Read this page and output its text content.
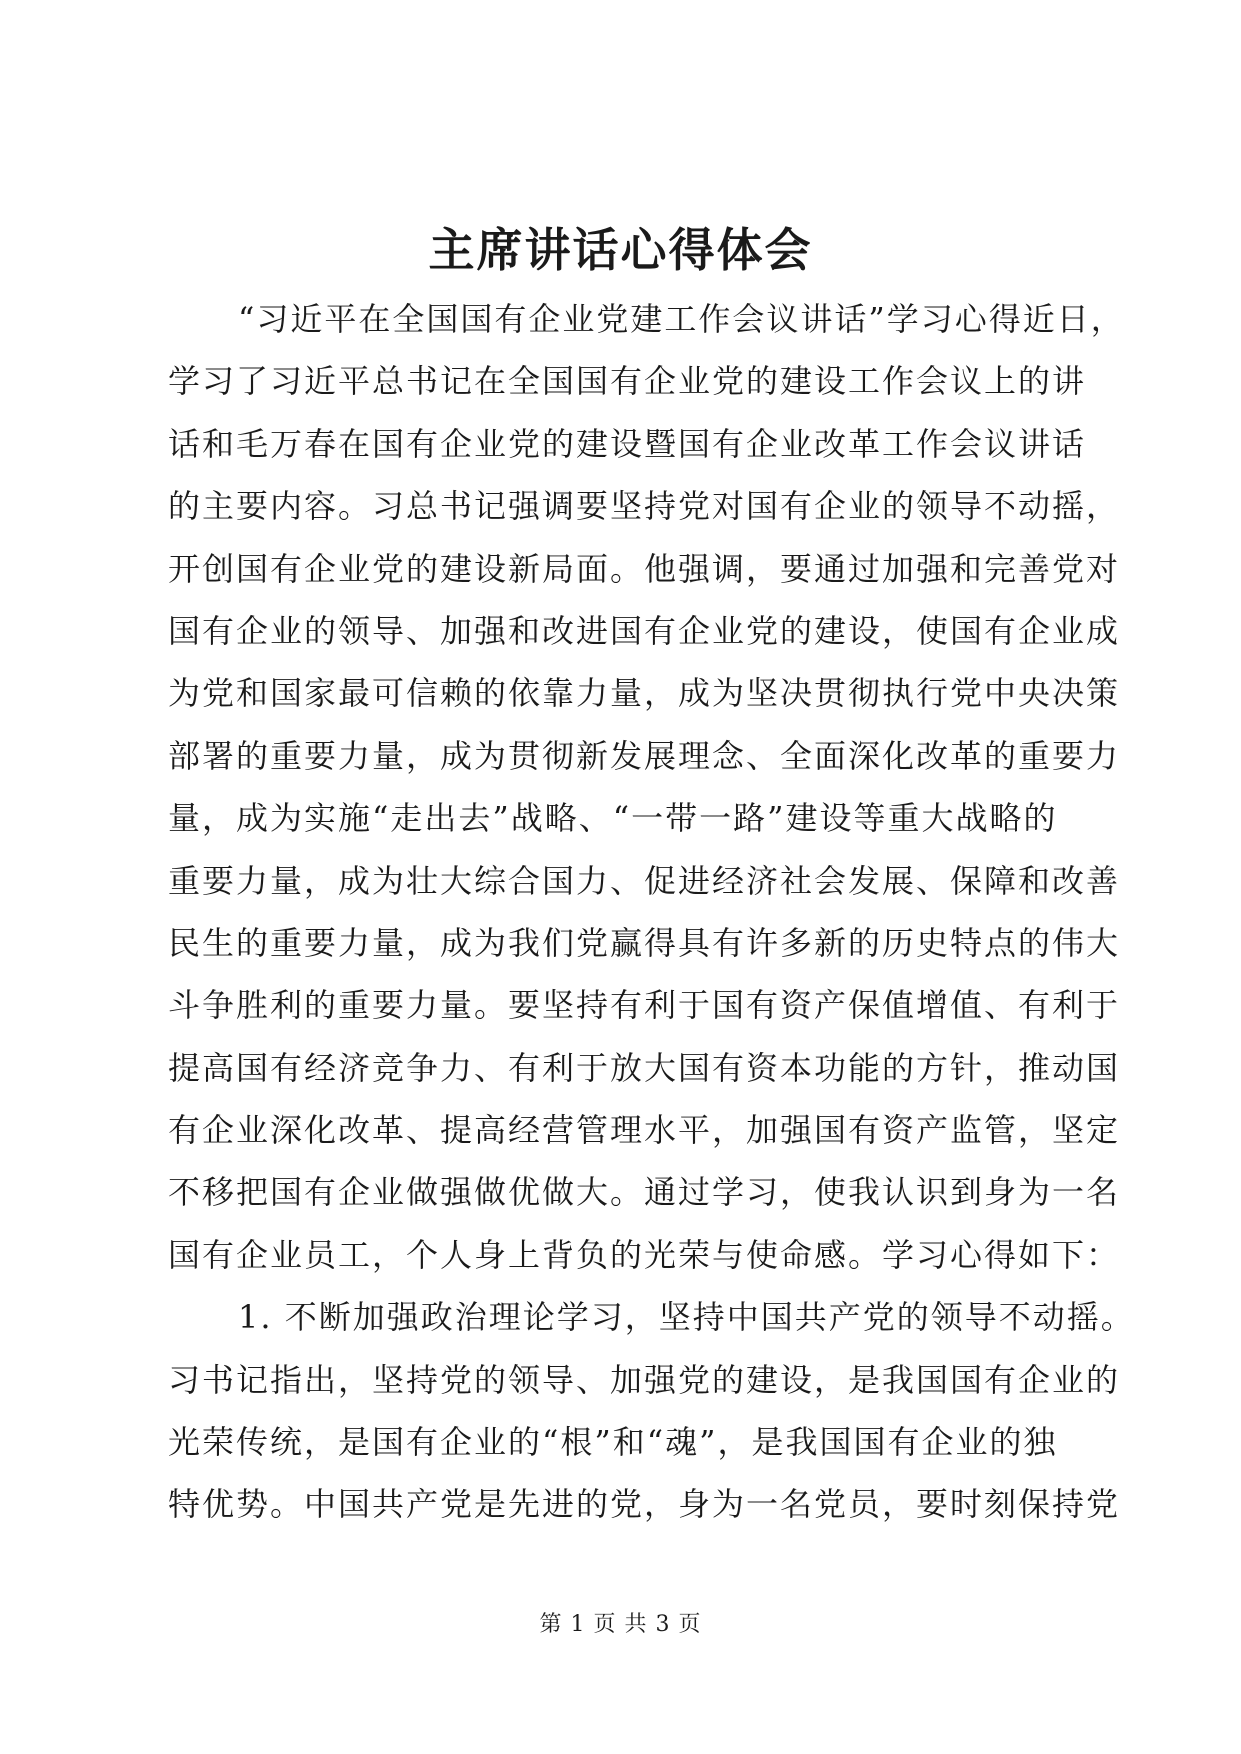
主席讲话心得体会
“习近平在全国国有企业党建工作会议讲话”学习心得近日，
学习了习近平总书记在全国国有企业党的建设工作会议上的讲
话和毛万春在国有企业党的建设暨国有企业改革工作会议讲话
的主要内容。习总书记强调要坚持党对国有企业的领导不动摇，
开创国有企业党的建设新局面。他强调，要通过加强和完善党对
国有企业的领导、加强和改进国有企业党的建设，使国有企业成
为党和国家最可信赖的依靠力量，成为坚决贯彻执行党中央决策
部署的重要力量，成为贯彻新发展理念、全面深化改革的重要力
量，成为实施“走出去”战略、“一带一路”建设等重大战略的
重要力量，成为壮大综合国力、促进经济社会发展、保障和改善
民生的重要力量，成为我们党赢得具有许多新的历史特点的伟大
斗争胜利的重要力量。要坚持有利于国有资产保值增值、有利于
提高国有经济竞争力、有利于放大国有资本功能的方针，推动国
有企业深化改革、提高经营管理水平，加强国有资产监管，坚定
不移把国有企业做强做优做大。通过学习，使我认识到身为一名
国有企业员工，个人身上背负的光荣与使命感。学习心得如下：
1. 不断加强政治理论学习，坚持中国共产党的领导不动摇。
习书记指出，坚持党的领导、加强党的建设，是我国国有企业的
光荣传统，是国有企业的“根”和“魂”，是我国国有企业的独
特优势。中国共产党是先进的党，身为一名党员，要时刻保持党
第 1 页 共 3 页
